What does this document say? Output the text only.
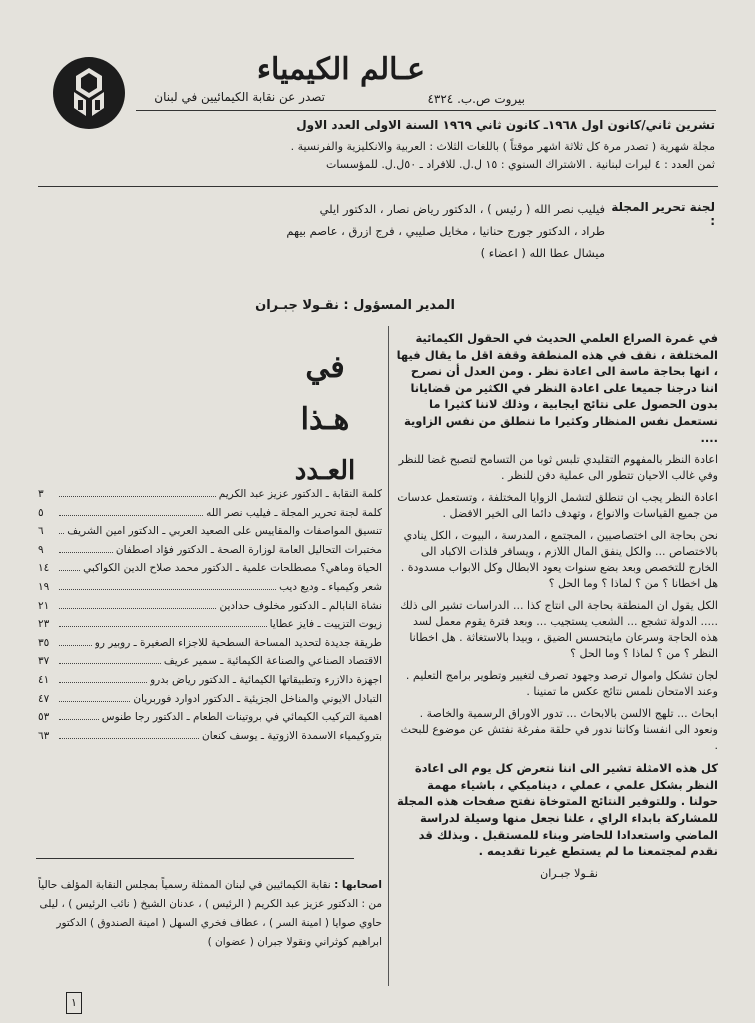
عـالم الكيمياء
تصدر عن نقابة الكيمائيين في لبنان	بيروت ص.ب. ٤٣٢٤
تشرين ثاني/كانون اول ١٩٦٨ـ كانون ثاني ١٩٦٩ السنة الاولى العدد الاول
مجلة شهرية ( تصدر مرة كل ثلاثة اشهر موقتاً ) باللغات الثلاث : العربية والانكليزية والفرنسية .
ثمن العدد : ٤ ليرات لبنانية . الاشتراك السنوي : ١٥ ل.ل. للافراد ـ ٥٠ل.ل. للمؤسسات
لجنة تحرير المجلة :
فيليب نصر الله ( رئيس ) ، الدكتور رياض نصار ، الدكتور ايلي
طراد ، الدكتور جورج حنانيا ، مخايل صليبي ، فرج ازرق ، عاصم بيهم
ميشال عطا الله ( اعضاء )
المدير المسؤول : نقـولا جبـران
في
هـذا
العـدد
كلمة النقابة ـ الدكتور عزيز عبد الكريم
٣
كلمة لجنة تحرير المجلة ـ فيليب نصر الله
٥
تنسيق المواصفات والمقاييس على الصعيد العربي ـ الدكتور امين الشريف
٦
مختبرات التحاليل العامة لوزارة الصحة ـ الدكتور فؤاد اصطفان
٩
الحياة وماهي؟ مصطلحات علمية ـ الدكتور محمد صلاح الدين الكواكبي
١٤
شعر وكيمياء ـ وديع ديب
١٩
نشأة النابالم ـ الدكتور مخلوف حدادين
٢١
زيوت التزييت ـ فايز عطايا
٢٣
طريقة جديدة لتحديد المساحة السطحية للاجزاء الصغيرة ـ روبير رو
٣٥
الاقتصاد الصناعي والصناعة الكيمائية ـ سمير عريف
٣٧
اجهزة دالازرء وتطبيقاتها الكيمائية ـ الدكتور رياض بدرو
٤١
التبادل الايوني والمناخل الجزيئية ـ الدكتور ادوارد فوربريان
٤٧
اهمية التركيب الكيمائي في بروتينات الطعام ـ الدكتور رجا طنوس
٥٣
بتروكيمياء الاسمدة الازوتية ـ يوسف كنعان
٦٣

في غمرة الصراع العلمي الحديث في الحقول الكيمائية المختلفة ، نقف في هذه المنطقة وقفة اقل ما يقال فيها ، انها بحاجة ماسة الى اعادة نظر . ومن العدل أن نصرح اننا درجنا جميعا على اعادة النظر في الكثير من قضايانا بدون الحصول على نتائج ايجابية ، وذلك لاننا كثيرا ما نستعمل نفس المنظار وكثيرا ما ننطلق من نفس الزاوية ....

اعادة النظر بالمفهوم التقليدي تلبس ثوبا من التسامح لتصبح غضا للنظر وفي غالب الاحيان تتطور الى عملية دفن للنظر .

اعادة النظر يجب ان تنطلق لتشمل الزوايا المختلفة ، وتستعمل عدسات من جميع القياسات والانواع ، وتهدف دائما الى الخير الافضل .

نحن بحاجة الى اختصاصيين ، المجتمع ، المدرسة ، البيوت ، الكل ينادي بالاختصاص ... والكل ينفق المال اللازم ، ويسافر فلذات الاكباد الى الخارج للتخصص وبعد بضع سنوات يعود الابطال وكل الابواب مسدودة . هل اخطانا ؟ من ؟ لماذا ؟ وما الحل ؟

الكل يقول ان المنطقة بحاجة الى انتاج كذا ... الدراسات تشير الى ذلك ..... الدولة تشجع ... الشعب يستجيب ... وبعد فترة يقوم معمل لسد هذه الحاجة وسرعان مايتحسس الضيق ، وبيدا بالاستغاثة . هل اخطانا النظر ؟ من ؟ لماذا ؟ وما الحل ؟

لجان تشكل واموال ترصد وجهود تصرف لتغيير وتطوير برامج التعليم . وعند الامتحان نلمس نتائج عكس ما تمنينا .

ابحاث ... تلهج الالسن بالابحاث ... تدور الاوراق الرسمية والخاصة . ونعود الى انفسنا وكاننا ندور في حلقة مفرغة نفتش عن موضوع للبحث .

كل هذه الامثلة تشير الى اننا نتعرض كل يوم الى اعادة النظر بشكل علمي ، عملي ، ديناميكي ، باشياء مهمة حولنا . وللتوفير النتائج المتوخاة نفتح صفحات هذه المجلة للمشاركة بابداء الراي ، علنا نجعل منها وسيلة لدراسة الماضي واستعدادا للحاضر وبناء للمستقبل . وبذلك قد نقدم لمجتمعنا ما لم يستطع غيرنا تقديمه .

نقـولا جبـران

اصحابها : نقابة الكيمائيين في لبنان الممثلة رسمياً بمجلس النقابة المؤلف حالياً من : الدكتور عزيز عبد الكريم ( الرئيس ) ، عدنان الشيخ ( نائب الرئيس ) ، ليلى حاوي صوايا ( امينة السر ) ، عطاف فخري السهل ( امينة الصندوق ) الدكتور ابراهيم كوثراني ونقولا جبران ( عضوان )
١
